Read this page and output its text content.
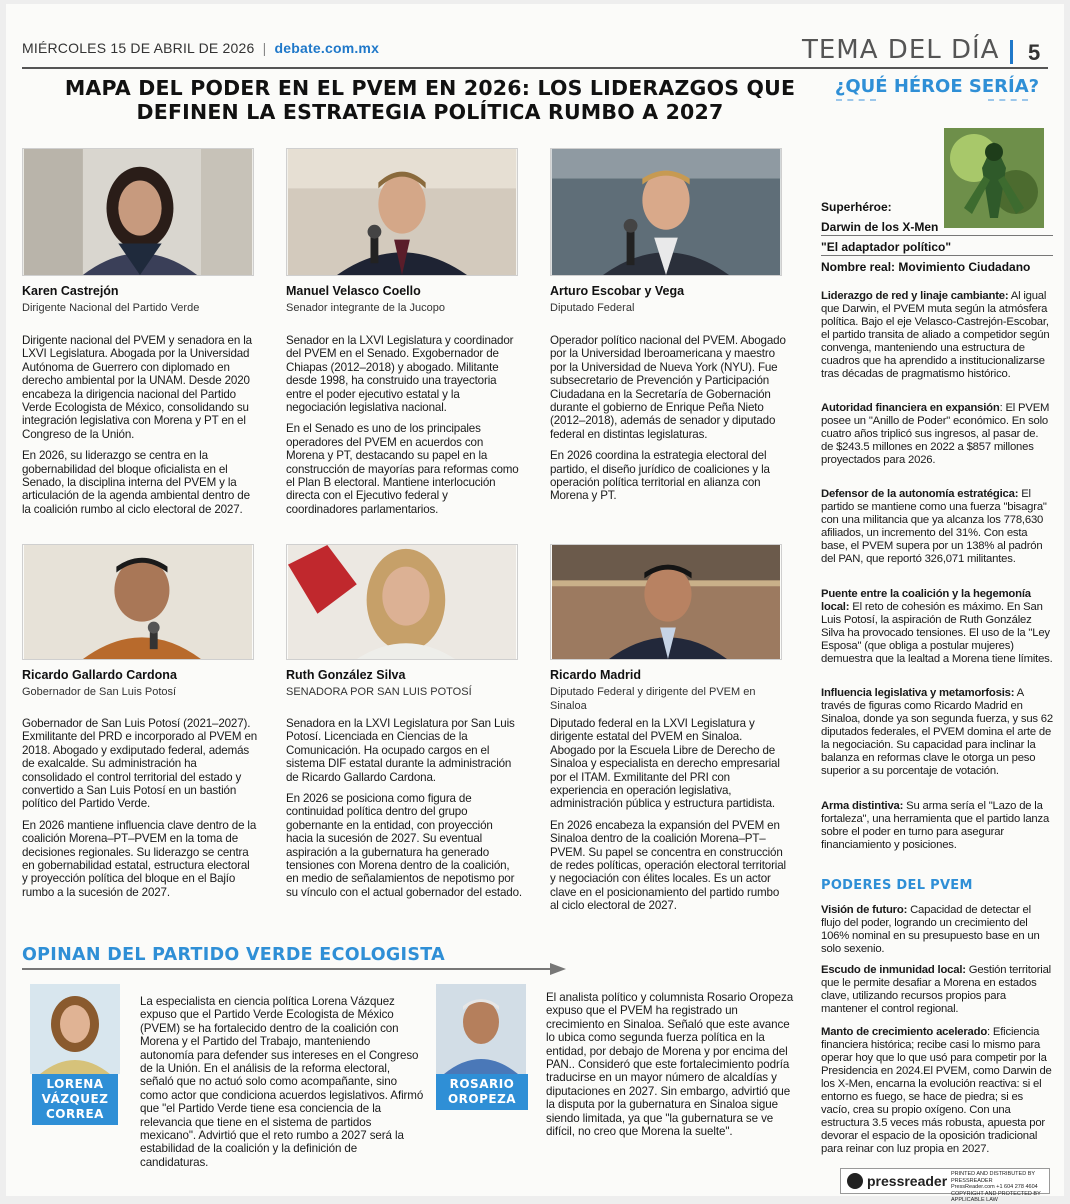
MIÉRCOLES 15 DE ABRIL DE 2026 | debate.com.mx	TEMA DEL DÍA 5
MAPA DEL PODER EN EL PVEM EN 2026: LOS LIDERAZGOS QUE DEFINEN LA ESTRATEGIA POLÍTICA RUMBO A 2027
¿QUÉ HÉROE SERÍA?
Karen Castrejón
Dirigente Nacional del Partido Verde
Manuel Velasco Coello
Senador integrante de la Jucopo
Arturo Escobar y Vega
Diputado Federal

Dirigente nacional del PVEM y senadora en la LXVI Legislatura. Abogada por la Universidad Autónoma de Guerrero con diplomado en derecho ambiental por la UNAM. Desde 2020 encabeza la dirigencia nacional del Partido Verde Ecologista de México, consolidando su integración legislativa con Morena y PT en el Congreso de la Unión.

En 2026, su liderazgo se centra en la gobernabilidad del bloque oficialista en el Senado, la disciplina interna del PVEM y la articulación de la agenda ambiental dentro de la coalición rumbo al ciclo electoral de 2027.

Senador en la LXVI Legislatura y coordinador del PVEM en el Senado. Exgobernador de Chiapas (2012–2018) y abogado. Militante desde 1998, ha construido una trayectoria entre el poder ejecutivo estatal y la negociación legislativa nacional.

En el Senado es uno de los principales operadores del PVEM en acuerdos con Morena y PT, destacando su papel en la construcción de mayorías para reformas como el Plan B electoral. Mantiene interlocución directa con el Ejecutivo federal y coordinadores parlamentarios.

Operador político nacional del PVEM. Abogado por la Universidad Iberoamericana y maestro por la Universidad de Nueva York (NYU). Fue subsecretario de Prevención y Participación Ciudadana en la Secretaría de Gobernación durante el gobierno de Enrique Peña Nieto (2012–2018), además de senador y diputado federal en distintas legislaturas.

En 2026 coordina la estrategia electoral del partido, el diseño jurídico de coaliciones y la operación política territorial en alianza con Morena y PT.

Ricardo Gallardo Cardona
Gobernador de San Luis Potosí
Ruth González Silva
SENADORA POR SAN LUIS POTOSÍ
Ricardo Madrid
Diputado Federal y dirigente del PVEM en Sinaloa

Gobernador de San Luis Potosí (2021–2027). Exmilitante del PRD e incorporado al PVEM en 2018. Abogado y exdiputado federal, además de exalcalde. Su administración ha consolidado el control territorial del estado y convertido a San Luis Potosí en un bastión político del Partido Verde.

En 2026 mantiene influencia clave dentro de la coalición Morena–PT–PVEM en la toma de decisiones regionales. Su liderazgo se centra en gobernabilidad estatal, estructura electoral y proyección política del bloque en el Bajío rumbo a la sucesión de 2027.

Senadora en la LXVI Legislatura por San Luis Potosí. Licenciada en Ciencias de la Comunicación. Ha ocupado cargos en el sistema DIF estatal durante la administración de Ricardo Gallardo Cardona.

En 2026 se posiciona como figura de continuidad política dentro del grupo gobernante en la entidad, con proyección hacia la sucesión de 2027. Su eventual aspiración a la gubernatura ha generado tensiones con Morena dentro de la coalición, en medio de señalamientos de nepotismo por su vínculo con el actual gobernador del estado.

Diputado federal en la LXVI Legislatura y dirigente estatal del PVEM en Sinaloa. Abogado por la Escuela Libre de Derecho de Sinaloa y especialista en derecho empresarial por el ITAM. Exmilitante del PRI con experiencia en operación legislativa, administración pública y estructura partidista.

En 2026 encabeza la expansión del PVEM en Sinaloa dentro de la coalición Morena–PT–PVEM. Su papel se concentra en construcción de redes políticas, operación electoral territorial y negociación con élites locales. Es un actor clave en el posicionamiento del partido rumbo al ciclo electoral de 2027.

Superhéroe:
Darwin de los X-Men
"El adaptador político"
Nombre real: Movimiento Ciudadano
Liderazgo de red y linaje cambiante: Al igual que Darwin, el PVEM muta según la atmósfera política. Bajo el eje Velasco-Castrejón-Escobar, el partido transita de aliado a competidor según convenga, manteniendo una estructura de cuadros que ha aprendido a institucionalizarse tras décadas de pragmatismo histórico.
Autoridad financiera en expansión: El PVEM posee un "Anillo de Poder" económico. En solo cuatro años triplicó sus ingresos, al pasar de. de $243.5 millones en 2022 a $857 millones proyectados para 2026.
Defensor de la autonomía estratégica: El partido se mantiene como una fuerza "bisagra" con una militancia que ya alcanza los 778,630 afiliados, un incremento del 31%. Con esta base, el PVEM supera por un 138% al padrón del PAN, que reportó 326,071 militantes.
Puente entre la coalición y la hegemonía local: El reto de cohesión es máximo. En San Luis Potosí, la aspiración de Ruth González Silva ha provocado tensiones. El uso de la "Ley Esposa" (que obliga a postular mujeres) demuestra que la lealtad a Morena tiene límites.
Influencia legislativa y metamorfosis: A través de figuras como Ricardo Madrid en Sinaloa, donde ya son segunda fuerza, y sus 62 diputados federales, el PVEM domina el arte de la negociación. Su capacidad para inclinar la balanza en reformas clave le otorga un peso superior a su porcentaje de votación.
Arma distintiva: Su arma sería el "Lazo de la fortaleza", una herramienta que el partido lanza sobre el poder en turno para asegurar financiamiento y posiciones.
PODERES DEL PVEM
Visión de futuro: Capacidad de detectar el flujo del poder, logrando un crecimiento del 106% nominal en su presupuesto base en un solo sexenio.
Escudo de inmunidad local: Gestión territorial que le permite desafiar a Morena en estados clave, utilizando recursos propios para mantener el control regional.
Manto de crecimiento acelerado: Eficiencia financiera histórica; recibe casi lo mismo para operar hoy que lo que usó para competir por la Presidencia en 2024.El PVEM, como Darwin de los X-Men, encarna la evolución reactiva: si el entorno es fuego, se hace de piedra; si es vacío, crea su propio oxígeno. Con una estructura 3.5 veces más robusta, apuesta por devorar el espacio de la oposición tradicional para reinar con luz propia en 2027.
OPINAN DEL PARTIDO VERDE ECOLOGISTA
LORENA
VÁZQUEZ
CORREA
La especialista en ciencia política Lorena Vázquez expuso que el Partido Verde Ecologista de México (PVEM) se ha fortalecido dentro de la coalición con Morena y el Partido del Trabajo, manteniendo autonomía para defender sus intereses en el Congreso de la Unión. En el análisis de la reforma electoral, señaló que no actuó solo como acompañante, sino como actor que condiciona acuerdos legislativos. Afirmó que "el Partido Verde tiene esa conciencia de la relevancia que tiene en el sistema de partidos mexicano". Advirtió que el reto rumbo a 2027 será la estabilidad de la coalición y la definición de candidaturas.
ROSARIO
OROPEZA
El analista político y columnista Rosario Oropeza expuso que el PVEM ha registrado un crecimiento en Sinaloa. Señaló que este avance lo ubica como segunda fuerza política en la entidad, por debajo de Morena y por encima del PAN.. Consideró que este fortalecimiento podría traducirse en un mayor número de alcaldías y diputaciones en 2027. Sin embargo, advirtió que la disputa por la gubernatura en Sinaloa sigue siendo limitada, ya que "la gubernatura se ve difícil, no creo que Morena la suelte".
pressreader PRINTED AND DISTRIBUTED BY PRESSREADER
PressReader.com +1 604 278 4604
COPYRIGHT AND PROTECTED BY APPLICABLE LAW
